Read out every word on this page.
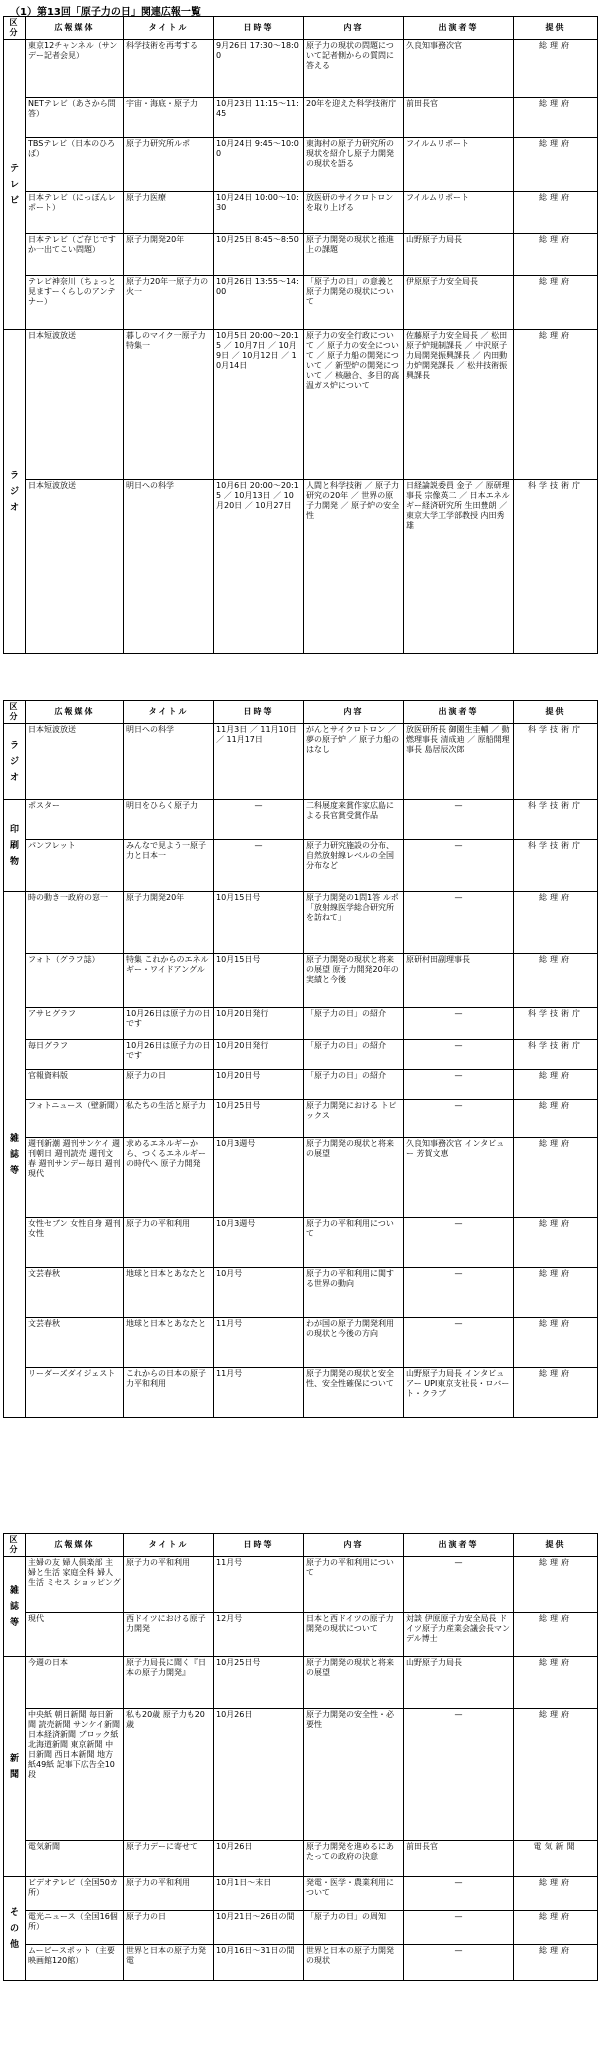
（1）第13回「原子力の日」関連広報一覧
区分	広報媒体	タイトル	日時等	内容	出演者等	提供

テ
レ
ビ	東京12チャンネル（サンデー記者会見）	科学技術を再考する	9月26日 17:30～18:00	原子力の現状の問題について記者側からの質問に答える	久良知事務次官	総理府
	NETテレビ（あさから問答）	宇宙・海底・原子力	10月23日 11:15～11:45	20年を迎えた科学技術庁	前田長官	総理府
	TBSテレビ（日本のひろば）	原子力研究所ルポ	10月24日 9:45～10:00	東海村の原子力研究所の現状を紹介し原子力開発の現状を語る	フイルムリポート	総理府
	日本テレビ（にっぽんレポート）	原子力医療	10月24日 10:00～10:30	放医研のサイクロトロンを取り上げる	フイルムリポート	総理府
	日本テレビ（ご存じですか一出てこい問題）	原子力開発20年	10月25日 8:45～8:50	原子力開発の現状と推進上の課題	山野原子力局長	総理府
	テレビ神奈川（ちょっと見ますーくらしのアンテナー）	原子力20年一原子力の火一	10月26日 13:55～14:00	「原子力の日」の意義と原子力開発の現状について	伊原原子力安全局長	総理府

ラ
ジ
オ	日本短波放送	暮しのマイク一原子力特集一	10月5日 20:00～20:15 ／ 10月7日 ／ 10月9日 ／ 10月12日 ／ 10月14日	原子力の安全行政について ／ 原子力の安全について ／ 原子力船の開発について ／ 新型炉の開発について ／ 核融合、多目的高温ガス炉について	佐藤原子力安全局長 ／ 松田原子炉規制課長 ／ 中沢原子力局開発振興課長 ／ 内田動力炉開発課長 ／ 松井技術振興課長	総理府
	日本短波放送	明日への科学	10月6日 20:00～20:15 ／ 10月13日 ／ 10月20日 ／ 10月27日	人間と科学技術 ／ 原子力研究の20年 ／ 世界の原子力開発 ／ 原子炉の安全性	日経論説委員 金子 ／ 原研理事長 宗像英二 ／ 日本エネルギー経済研究所 生田豊朗 ／ 東京大学工学部教授 内田秀雄	科学技術庁
区分	広報媒体	タイトル	日時等	内容	出演者等	提供

ラ
ジ
オ	日本短波放送	明日への科学	11月3日 ／ 11月10日 ／ 11月17日	がんとサイクロトロン ／ 夢の原子炉 ／ 原子力船のはなし	放医研所長 御園生圭輔 ／ 動燃理事長 清成迪 ／ 原船開理事長 島居辰次郎	科学技術庁

印
刷
物	ポスター	明日をひらく原子力	—	二科展度来賞作家広島による長官賞受賞作品	—	科学技術庁
	パンフレット	みんなで見よう一原子力と日本一	—	原子力研究施設の分布、自然放射線レベルの全国分布など	—	科学技術庁

雑
誌
等	時の動き一政府の窓一	原子力開発20年	10月15日号	原子力開発の1問1答 ルポ「放射線医学総合研究所を訪ねて」	—	総理府
	フォト（グラフ誌）	特集 これからのエネルギー・ワイドアングル	10月15日号	原子力開発の現状と将来の展望 原子力開発20年の実績と今後	原研村田副理事長	総理府
	アサヒグラフ	10月26日は原子力の日です	10月20日発行	「原子力の日」の紹介	—	科学技術庁
	毎日グラフ	10月26日は原子力の日です	10月20日発行	「原子力の日」の紹介	—	科学技術庁
	官報資料版	原子力の日	10月20日号	「原子力の日」の紹介	—	総理府
	フォトニュース（壁新聞）	私たちの生活と原子力	10月25日号	原子力開発における トピックス	—	総理府
	週刊新潮 週刊サンケイ 週刊朝日 週刊読売 週刊文春 週刊サンデー毎日 週刊現代	求めるエネルギーから、つくるエネルギーの時代へ 原子力開発	10月3週号	原子力開発の現状と将来の展望	久良知事務次官 インタビュー 芳賀文恵	総理府
	女性セブン 女性自身 週刊女性	原子力の平和利用	10月3週号	原子力の平和利用について	—	総理府
	文芸春秋	地球と日本とあなたと	10月号	原子力の平和利用に関する世界の動向	—	総理府
	文芸春秋	地球と日本とあなたと	11月号	わが国の原子力開発利用の現状と今後の方向	—	総理府
	リーダーズダイジェスト	これからの日本の原子力平和利用	11月号	原子力開発の現状と安全性、安全性確保について	山野原子力局長 インタビュアー UPI東京支社長・ロバート・クラブ	総理府
区分	広報媒体	タイトル	日時等	内容	出演者等	提供

雑
誌
等	主婦の友 婦人倶楽部 主婦と生活 家庭全科 婦人生活 ミセス ショッピング	原子力の平和利用	11月号	原子力の平和利用について	—	総理府
	現代	西ドイツにおける原子力開発	12月号	日本と西ドイツの原子力開発の現状について	対談 伊原原子力安全局長 ドイツ原子力産業会議会長マンデル博士	総理府

新
聞	今週の日本	原子力局長に聞く『日本の原子力開発』	10月25日号	原子力開発の現状と将来の展望	山野原子力局長	総理府
	中央紙 朝日新聞 毎日新聞 読売新聞 サンケイ新聞 日本経済新聞 ブロック紙 北海道新聞 東京新聞 中日新聞 西日本新聞 地方紙49紙 記事下広告全10段	私も20歳 原子力も20歳	10月26日	原子力開発の安全性・必要性	—	総理府
	電気新聞	原子力デーに寄せて	10月26日	原子力開発を進めるにあたっての政府の決意	前田長官	電気新聞

そ
の
他	ビデオテレビ（全国50カ所）	原子力の平和利用	10月1日～末日	発電・医学・農業利用について	—	総理府
	電光ニュース（全国16個所）	原子力の日	10月21日～26日の間	「原子力の日」の周知	—	総理府
	ムービースポット（主要映画館120館）	世界と日本の原子力発電	10月16日～31日の間	世界と日本の原子力開発の現状	—	総理府
